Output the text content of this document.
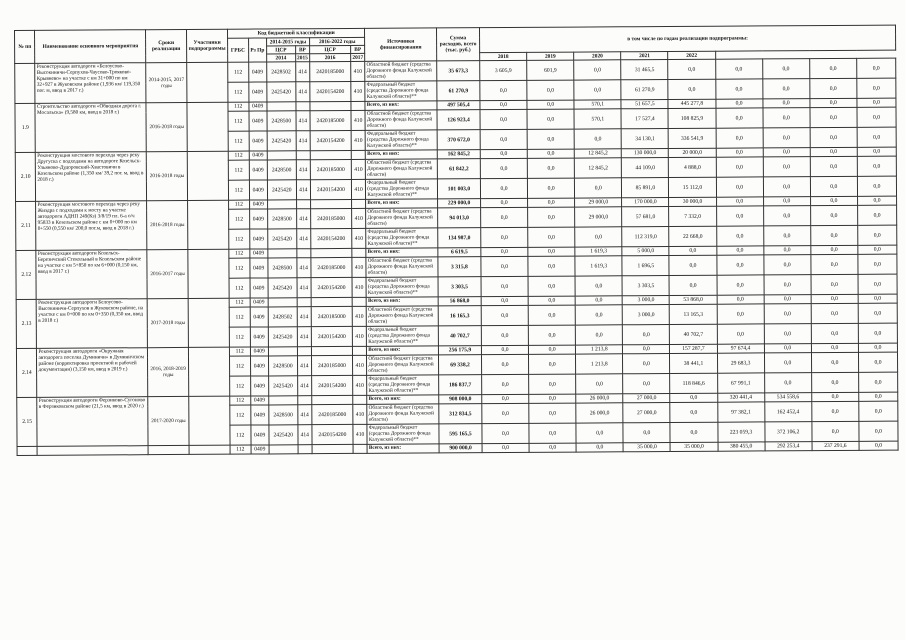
№ пп	Наименование основного мероприятия	Сроки реализации	Участники подпрограммы	Код бюджетной классификации						Источники финансирования	Сумма расходов, всего (тыс. руб.)	в том числе по годам реализации подпрограммы:								
				ГРБС	Рз Пр	2014-2015 годы		2016-2022 годы												
						ЦСР	ВР	ЦСР	ВР											
						2014	2015	2016	2017			2018	2019	2020	2021	2022				
	Реконструкция автодороги «Белоусово-Высокиничи-Серпухов-Чаусово-Трояково-Крывнево» на участке с км 31+000 по км 32+927 в Жуковском районе (1,936 км/ 119,350 пог. м, ввод в 2017 г.)	2014-2015, 2017 годы		112	0409	2428502	414	2420185000	410	Областной бюджет (средства Дорожного фонда Калужской области)	35 673,3	3 605,9	601,9	0,0	31 465,5	0,0	0,0	0,0	0,0	0,0
				112	0409	2425420	414	2420154200	410	Федеральный бюджет (средства Дорожного фонда Калужской области)**	61 270,9	0,0	0,0	0,0	61 270,9	0,0	0,0	0,0	0,0	0,0
1.9	Строительство автодороги «Обводная дорога г. Мосальска» (9,580 км, ввод в 2018 г.)	2016-2018 годы		112	0409					Всего, из них:	497 505,4	0,0	0,0	570,1	51 657,5	445 277,8	0,0	0,0	0,0	0,0
				112	0409	2428500	414	2420185000	410	Областной бюджет (средства Дорожного фонда Калужской области)	126 923,4	0,0	0,0	570,1	17 527,4	108 825,9	0,0	0,0	0,0	0,0
				112	0409	2425420	414	2420154200	410	Федеральный бюджет (средства Дорожного фонда Калужской области)**	370 672,0	0,0	0,0	0,0	34 130,1	336 541,9	0,0	0,0	0,0	0,0
2.10	Реконструкция мостового перехода через реку Другуска с подходами на автодороге Козельск-Ульяново-Дудоровский-Хвастовичи в Козельском районе (1,350 км/ 39,2 пог. м, ввод в 2018 г.)	2016-2018 годы		112	0409					Всего, из них:	162 845,2	0,0	0,0	12 845,2	130 000,0	20 000,0	0,0	0,0	0,0	0,0
				112	0409	2428500	414	2420185000	410	Областной бюджет (средства Дорожного фонда Калужской области)	61 842,2	0,0	0,0	12 845,2	44 109,0	4 888,0	0,0	0,0	0,0	0,0
				112	0409	2425420	414	2420154200	410	Федеральный бюджет (средства Дорожного фонда Калужской области)**	101 003,0	0,0	0,0	0,0	85 891,0	15 112,0	0,0	0,0	0,0	0,0
2.11	Реконструкция мостового перехода через реку Жиздра с подходами к мосту на участке автодороги АДНП 249(Кз) 3/8/19 пл. 6-а о/ч 95833 в Козельском районе с км 0+000 по км 0+550 (0,550 км/ 200,0 пог.м, ввод в 2018 г.)	2016-2018 годы		112	0409					Всего, из них:	229 000,0	0,0	0,0	29 000,0	170 000,0	30 000,0	0,0	0,0	0,0	0,0
				112	0409	2428500	414	2420185000	410	Областной бюджет (средства Дорожного фонда Калужской области)	94 013,0	0,0	0,0	29 000,0	57 681,0	7 332,0	0,0	0,0	0,0	0,0
				112	0409	2425420	414	2420154200	410	Федеральный бюджет (средства Дорожного фонда Калужской области)**	134 987,0	0,0	0,0	0,0	112 319,0	22 668,0	0,0	0,0	0,0	0,0
2.12	Реконструкция автодороги Козельск-Березичский Стекольный в Козельском районе на участке с км 5+850 по км 6+000 (0,150 км, ввод в 2017 г.)	2016-2017 годы		112	0409					Всего, из них:	6 619,5	0,0	0,0	1 619,3	5 000,0	0,0	0,0	0,0	0,0	0,0
				112	0409	2428500	414	2420185000	410	Областной бюджет (средства Дорожного фонда Калужской области)	3 315,8	0,0	0,0	1 619,3	1 696,5	0,0	0,0	0,0	0,0	0,0
				112	0409	2425420	414	2420154200	410	Федеральный бюджет (средства Дорожного фонда Калужской области)**	3 303,5	0,0	0,0	0,0	3 303,5	0,0	0,0	0,0	0,0	0,0
2.13	Реконструкция автодороги Белоусово-Высокиничи-Серпухов в Жуковском районе, на участке с км 0+000 по км 0+350 (0,350 км, ввод в 2018 г.)	2017-2018 годы		112	0409					Всего, из них:	56 868,0	0,0	0,0	0,0	3 000,0	53 868,0	0,0	0,0	0,0	0,0
				112	0409	2428502	414	2420185000	410	Областной бюджет (средства Дорожного фонда Калужской области)	16 165,3	0,0	0,0	0,0	3 000,0	13 165,3	0,0	0,0	0,0	0,0
				112	0409	2425420	414	2420154200	410	Федеральный бюджет (средства Дорожного фонда Калужской области)**	40 702,7	0,0	0,0	0,0	0,0	40 702,7	0,0	0,0	0,0	0,0
2.14	Реконструкция автодороги «Окружная автодорога поселка Думиничи» в Думиничском районе (корректировка проектной и рабочей документации) (3,150 км, ввод в 2019 г.)	2016, 2018-2019 годы		112	0409					Всего, из них:	256 175,9	0,0	0,0	1 213,8	0,0	157 287,7	97 674,4	0,0	0,0	0,0
				112	0409	2428500	414	2420185000	410	Областной бюджет (средства Дорожного фонда Калужской области)	69 338,2	0,0	0,0	1 213,8	0,0	38 441,1	29 683,3	0,0	0,0	0,0
				112	0409	2425420	414	2420154200	410	Федеральный бюджет (средства Дорожного фонда Калужской области)**	186 837,7	0,0	0,0	0,0	0,0	118 846,6	67 991,1	0,0	0,0	0,0
2.15	Реконструкция автодороги Ферзиково-Сугоново в Ферзиковском районе (21,5 км, ввод в 2020 г.)	2017-2020 годы		112	0409					Всего, из них:	908 000,0	0,0	0,0	26 000,0	27 000,0	0,0	320 441,4	534 558,6	0,0	0,0
				112	0409	2428500	414	2420185000	410	Областной бюджет (средства Дорожного фонда Калужской области)	312 834,5	0,0	0,0	26 000,0	27 000,0	0,0	97 382,1	162 452,4	0,0	0,0
				112	0409	2425420	414	2420154200	410	Федеральный бюджет (средства Дорожного фонда Калужской области)**	595 165,5	0,0	0,0	0,0	0,0	0,0	223 059,3	372 106,2	0,0	0,0
				112	0409					Всего, из них:	900 000,0	0,0	0,0	0,0	35 000,0	35 000,0	380 455,0	292 253,4	237 291,6	0,0
